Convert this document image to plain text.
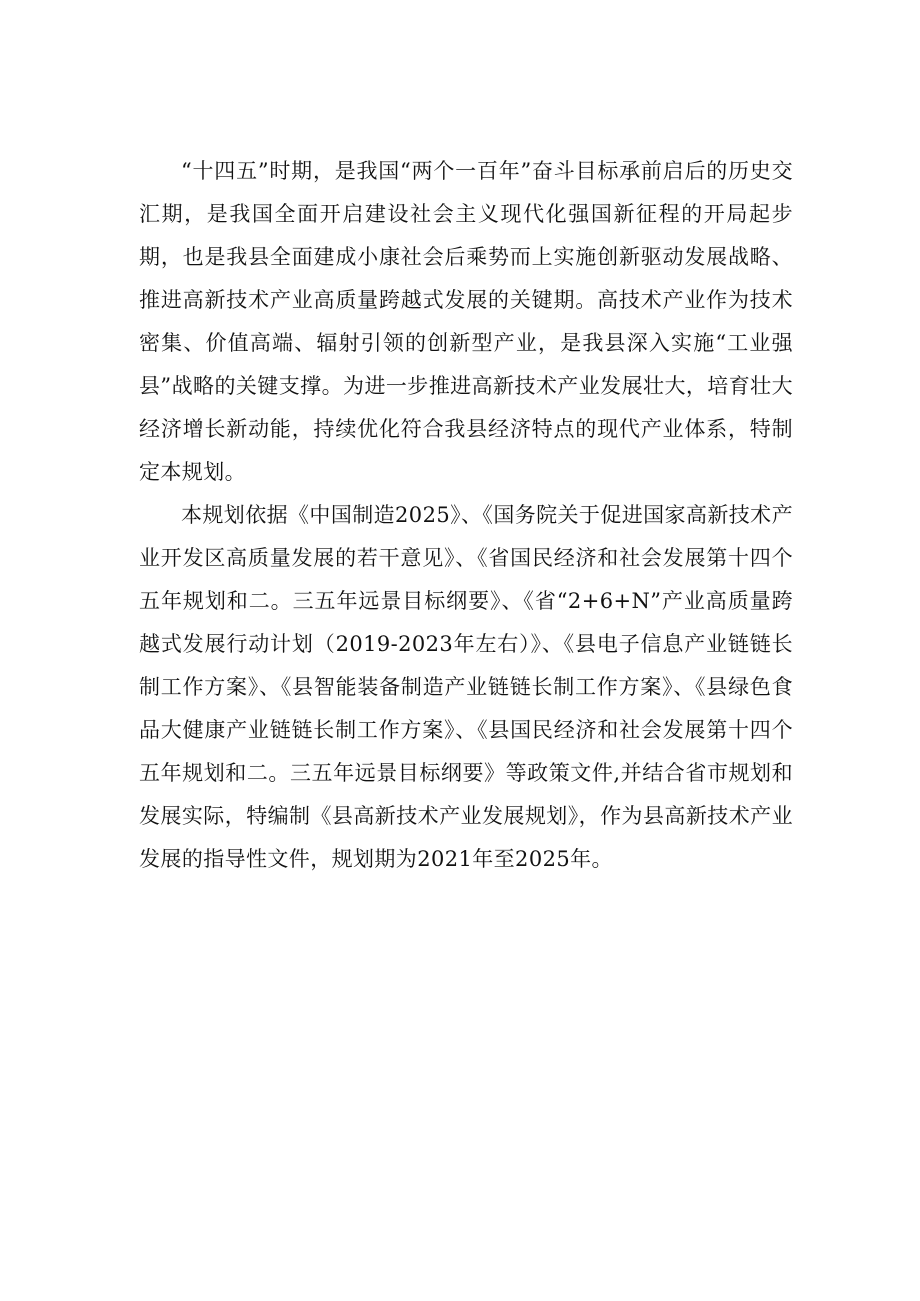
“十四五”时期，是我国“两个一百年”奋斗目标承前启后的历史交汇期，是我国全面开启建设社会主义现代化强国新征程的开局起步期，也是我县全面建成小康社会后乘势而上实施创新驱动发展战略、推进高新技术产业高质量跨越式发展的关键期。高技术产业作为技术密集、价值高端、辐射引领的创新型产业，是我县深入实施“工业强县”战略的关键支撑。为进一步推进高新技术产业发展壮大，培育壮大经济增长新动能，持续优化符合我县经济特点的现代产业体系，特制定本规划。

本规划依据《中国制造2025》、《国务院关于促进国家高新技术产业开发区高质量发展的若干意见》、《省国民经济和社会发展第十四个五年规划和二。三五年远景目标纲要》、《省“2+6+N”产业高质量跨越式发展行动计划（2019-2023年左右）》、《县电子信息产业链链长制工作方案》、《县智能装备制造产业链链长制工作方案》、《县绿色食品大健康产业链链长制工作方案》、《县国民经济和社会发展第十四个五年规划和二。三五年远景目标纲要》等政策文件,并结合省市规划和发展实际，特编制《县高新技术产业发展规划》，作为县高新技术产业发展的指导性文件，规划期为2021年至2025年。
